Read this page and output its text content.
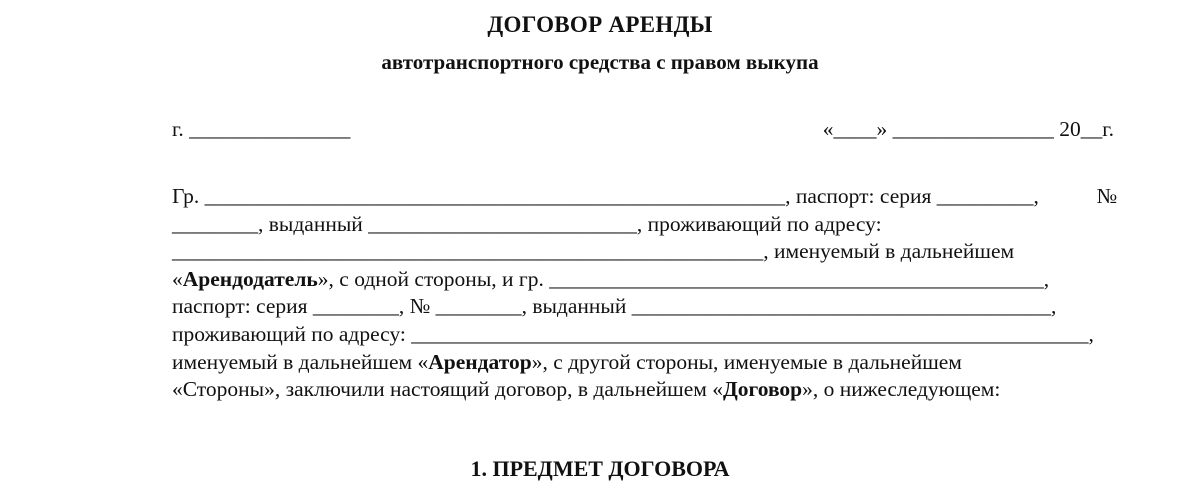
ДОГОВОР АРЕНДЫ
автотранспортного средства с правом выкупа
г. _______________	«____» _______________ 20__г.
Гр. ______________________________________________________, паспорт: серия _________,	№
________, выданный _________________________, проживающий по адресу:
_______________________________________________________, именуемый в дальнейшем
«Арендодатель», с одной стороны, и гр. ______________________________________________,
паспорт: серия ________, № ________, выданный _______________________________________,
проживающий по адресу: _______________________________________________________________,
именуемый в дальнейшем «Арендатор», с другой стороны, именуемые в дальнейшем
«Стороны», заключили настоящий договор, в дальнейшем «Договор», о нижеследующем:
1. ПРЕДМЕТ ДОГОВОРА
